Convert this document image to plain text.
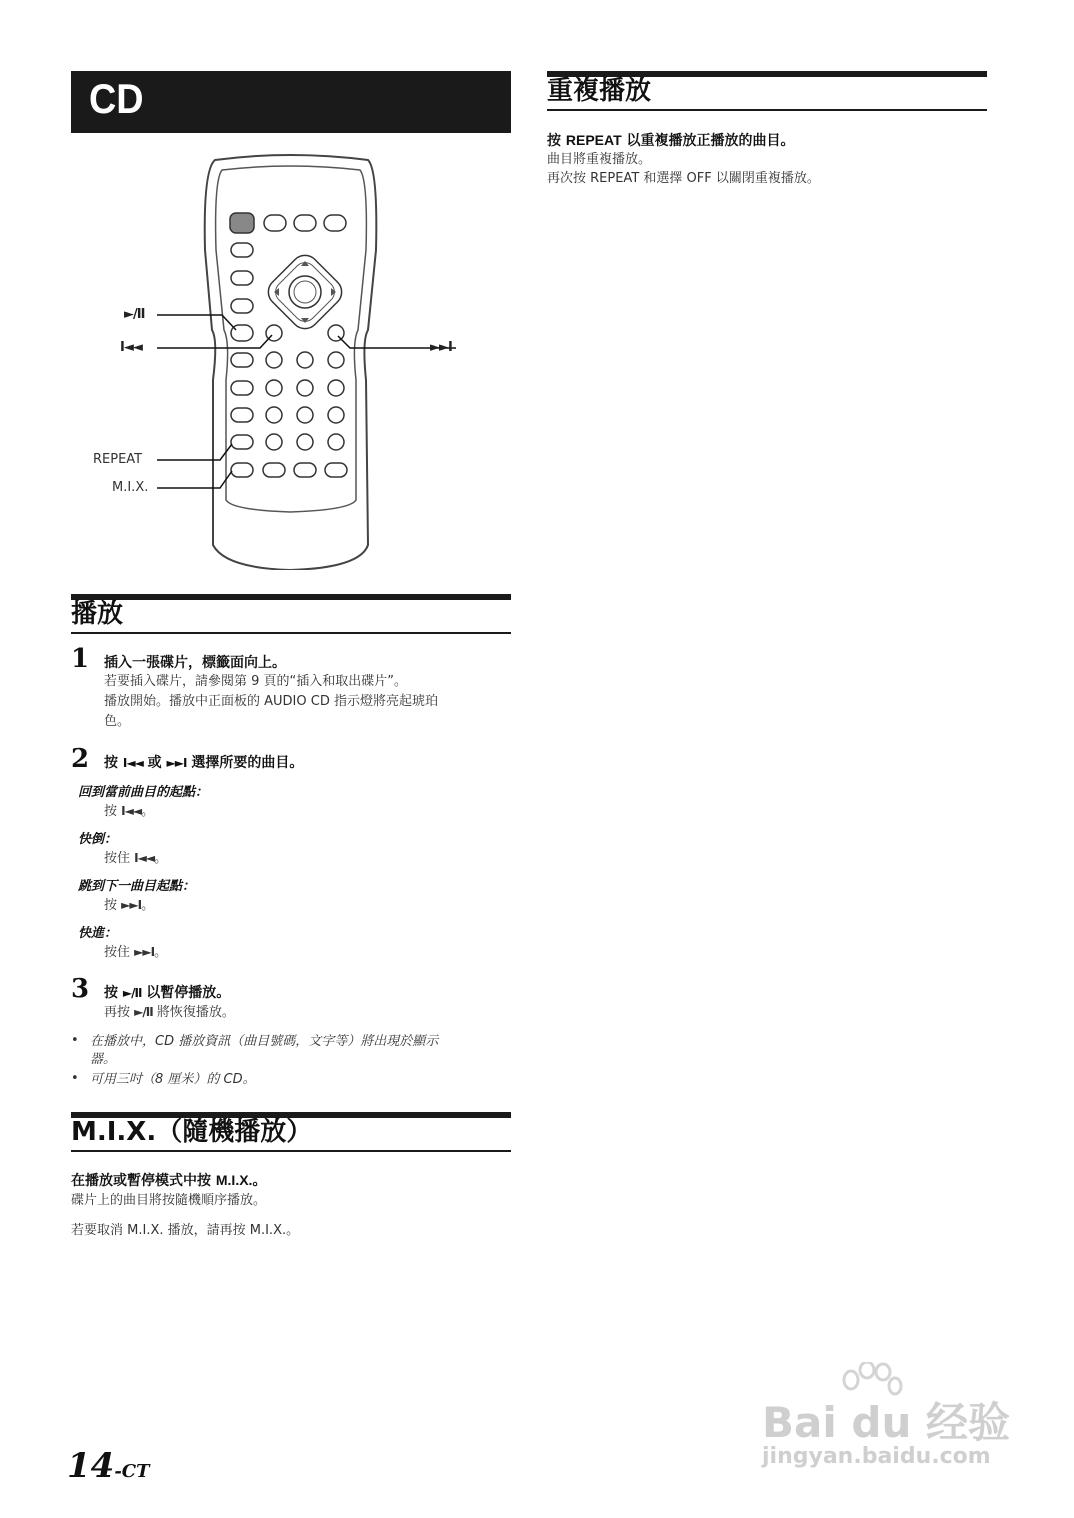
CD
►/II
I◄◄	►►I
REPEAT
M.I.X.
播放
1 插入一張碟片，標籤面向上。
若要插入碟片，請參閱第 9 頁的“插入和取出碟片”。
播放開始。播放中正面板的 AUDIO CD 指示燈將亮起琥珀
色。
2 按 I◄◄ 或 ►►I 選擇所要的曲目。
回到當前曲目的起點：
按 I◄◄。
快倒：
按住 I◄◄。
跳到下一曲目起點：
按 ►►I。
快進：
按住 ►►I。
3 按 ►/II 以暫停播放。
再按 ►/II 將恢復播放。
• 在播放中，CD 播放資訊（曲目號碼，文字等）將出現於顯示
器。
• 可用三吋（8 厘米）的 CD。
M.I.X.（隨機播放）
在播放或暫停模式中按 M.I.X.。
碟片上的曲目將按隨機順序播放。
若要取消 M.I.X. 播放，請再按 M.I.X.。
重複播放
按 REPEAT 以重複播放正播放的曲目。
曲目將重複播放。
再次按 REPEAT 和選擇 OFF 以關閉重複播放。
14-CT
Bai du 经验
jingyan.baidu.com
